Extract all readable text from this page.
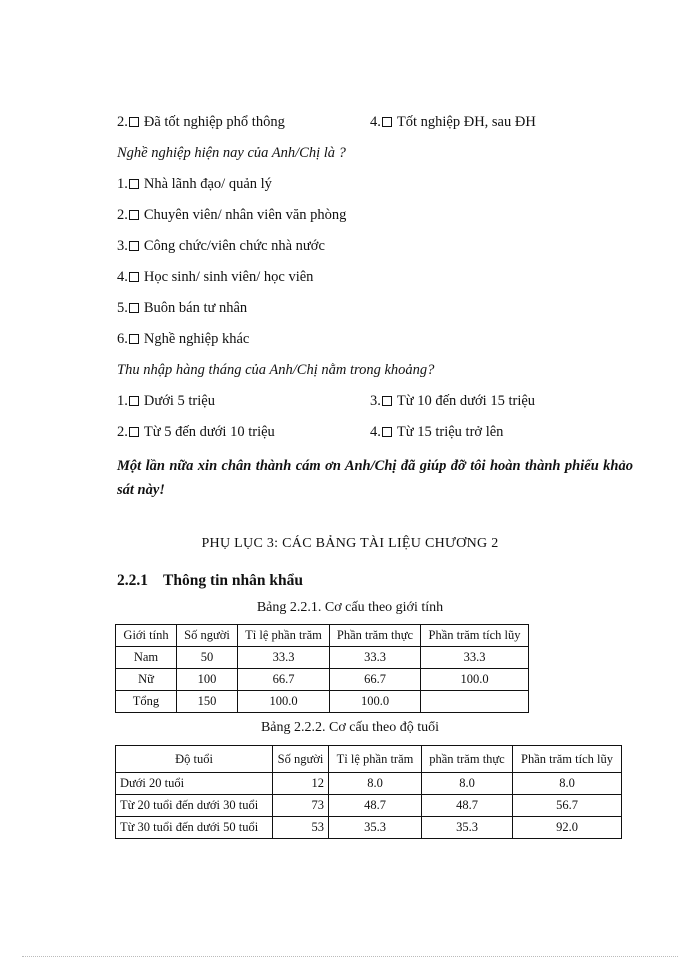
2. Đã tốt nghiệp phổ thông	4. Tốt nghiệp ĐH, sau ĐH
Nghề nghiệp hiện nay của Anh/Chị là ?
1. Nhà lãnh đạo/ quản lý
2. Chuyên viên/ nhân viên văn phòng
3. Công chức/viên chức nhà nước
4. Học sinh/ sinh viên/ học viên
5. Buôn bán tư nhân
6. Nghề nghiệp khác
Thu nhập hàng tháng của Anh/Chị nằm trong khoảng?
1. Dưới 5 triệu	3. Từ 10 đến dưới 15 triệu
2. Từ 5 đến dưới 10 triệu	4. Từ 15 triệu trở lên
Một lần nữa xin chân thành cám ơn Anh/Chị đã giúp đỡ tôi hoàn thành phiếu khảo sát này!
PHỤ LỤC 3: CÁC BẢNG TÀI LIỆU CHƯƠNG 2
2.2.1 Thông tin nhân khẩu
Bảng 2.2.1. Cơ cấu theo giới tính
Giới tính	Số người	Tỉ lệ phần trăm	Phần trăm thực	Phần trăm tích lũy
Nam	50	33.3	33.3	33.3
Nữ	100	66.7	66.7	100.0
Tổng	150	100.0	100.0	
Bảng 2.2.2. Cơ cấu theo độ tuổi
Độ tuổi	Số người	Tỉ lệ phần trăm	phần trăm thực	Phần trăm tích lũy
Dưới 20 tuổi	12	8.0	8.0	8.0
Từ 20 tuổi đến dưới 30 tuổi	73	48.7	48.7	56.7
Từ 30 tuổi đến dưới 50 tuổi	53	35.3	35.3	92.0
